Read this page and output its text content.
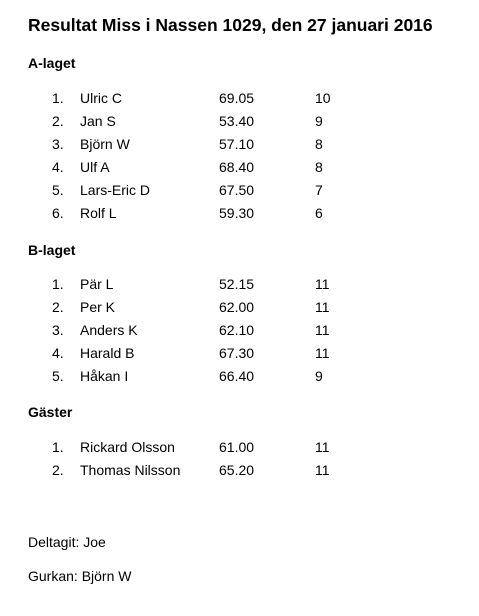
Resultat Miss i Nassen 1029, den 27 januari 2016
A-laget
1. Ulric C	69.05	10
2. Jan S	53.40	9
3. Björn W	57.10	8
4. Ulf A	68.40	8
5. Lars-Eric D	67.50	7
6. Rolf L	59.30	6
B-laget
1. Pär L	52.15	11
2. Per K	62.00	11
3. Anders K	62.10	11
4. Harald B	67.30	11
5. Håkan I	66.40	9
Gäster
1. Rickard Olsson	61.00	11
2. Thomas Nilsson	65.20	11
Deltagit: Joe
Gurkan: Björn W
